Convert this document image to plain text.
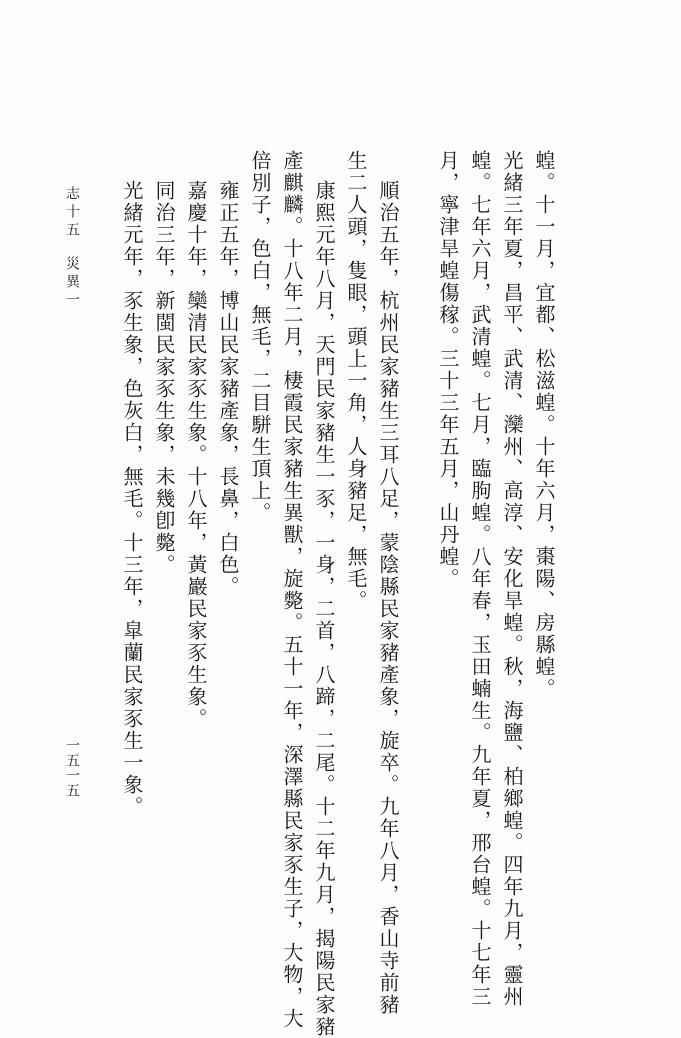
蝗。十一月，宜都、松滋蝗。十年六月，棗陽、房縣蝗。
光緒三年夏，昌平、武清、灤州、高淳、安化旱蝗。秋，海鹽、柏鄉蝗。四年九月，靈州
蝗。七年六月，武清蝗。七月，臨朐蝗。八年春，玉田蝻生。九年夏，邢台蝗。十七年三
月，寧津旱蝗傷稼。三十三年五月，山丹蝗。
順治五年，杭州民家豬生三耳八足，蒙陰縣民家豬產象，旋卒。九年八月，香山寺前豬
生二人頭，隻眼，頭上一角，人身豬足，無毛。
康熙元年八月，天門民家豬生一豕，一身，二首，八蹄，二尾。十二年九月，揭陽民家豬
產麒麟。十八年二月，棲霞民家豬生異獸，旋斃。五十一年，深澤縣民家豕生子，大物，大
倍別子，色白，無毛，二目駢生頂上。
雍正五年，博山民家豬產象，長鼻，白色。
嘉慶十年，欒清民家豕生象。十八年，黃巖民家豕生象。
同治三年，新閩民家豕生象，未幾卽斃。
光緒元年，豕生象，色灰白，無毛。十三年，皐蘭民家豕生一象。
志十五災異一
一五一五
